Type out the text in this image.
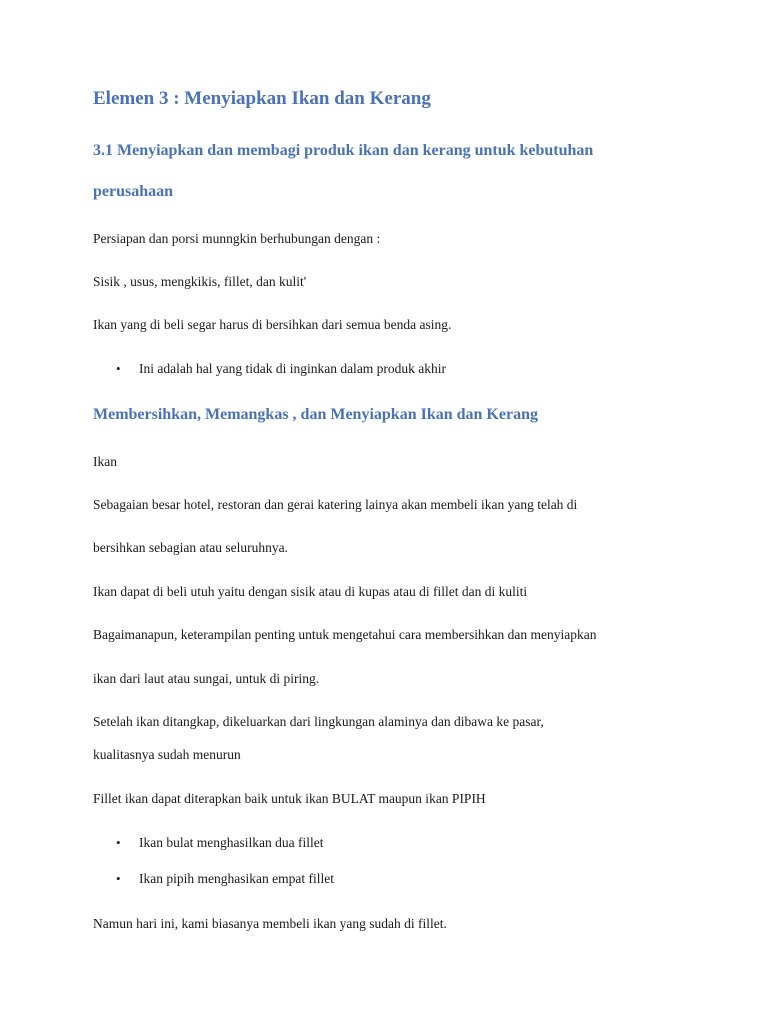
Elemen 3 : Menyiapkan Ikan dan Kerang
3.1 Menyiapkan dan membagi produk ikan dan kerang untuk kebutuhan
perusahaan
Persiapan dan porsi munngkin berhubungan dengan :
Sisik , usus, mengkikis, fillet, dan kulit'
Ikan yang di beli segar harus di bersihkan dari semua benda asing.
• Ini adalah hal yang tidak di inginkan dalam produk akhir
Membersihkan, Memangkas , dan Menyiapkan Ikan dan Kerang
Ikan
Sebagaian besar hotel, restoran dan gerai katering lainya akan membeli ikan yang telah di
bersihkan sebagian atau seluruhnya.
Ikan dapat di beli utuh yaitu dengan sisik atau di kupas atau di fillet dan di kuliti
Bagaimanapun, keterampilan penting untuk mengetahui cara membersihkan dan menyiapkan
ikan dari laut atau sungai, untuk di piring.
Setelah ikan ditangkap, dikeluarkan dari lingkungan alaminya dan dibawa ke pasar,
kualitasnya sudah menurun
Fillet ikan dapat diterapkan baik untuk ikan BULAT maupun ikan PIPIH
• Ikan bulat menghasilkan dua fillet
• Ikan pipih menghasikan empat fillet
Namun hari ini, kami biasanya membeli ikan yang sudah di fillet.
